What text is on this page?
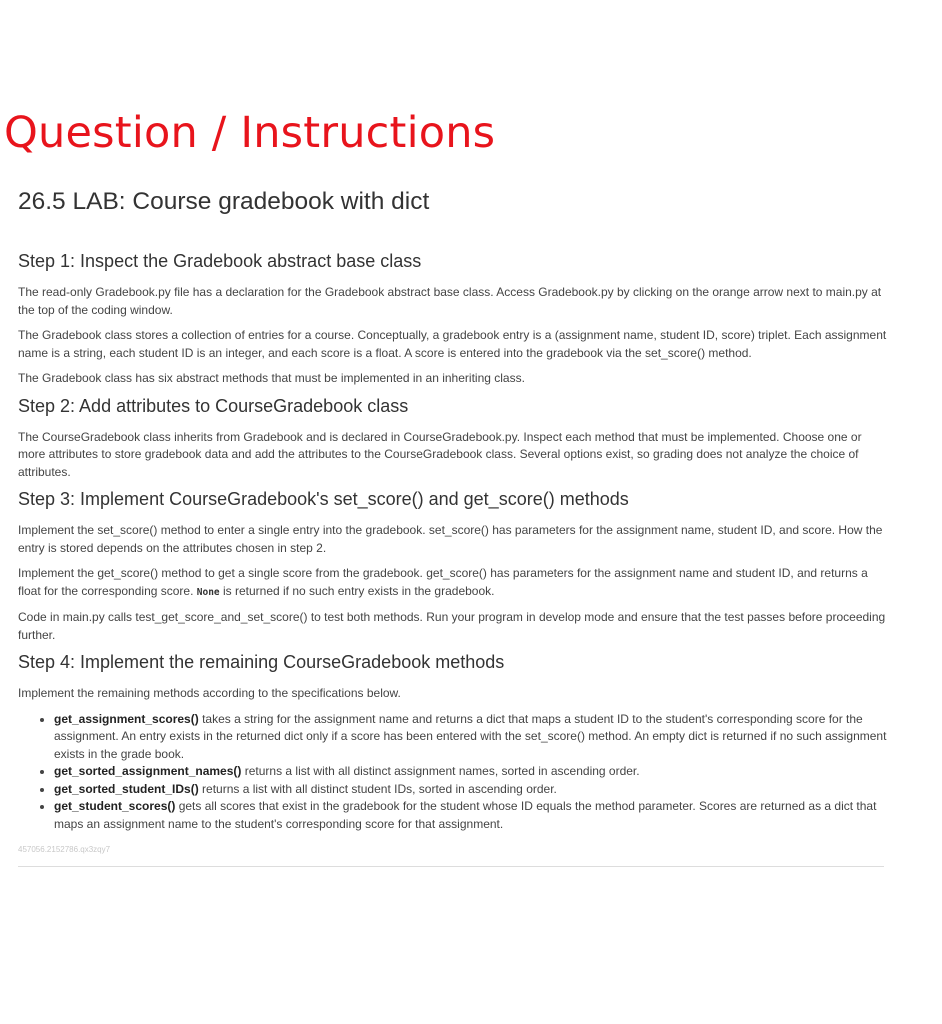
Question / Instructions
26.5 LAB: Course gradebook with dict
Step 1: Inspect the Gradebook abstract base class

The read-only Gradebook.py file has a declaration for the Gradebook abstract base class. Access Gradebook.py by clicking on the orange arrow next to main.py at the top of the coding window.

The Gradebook class stores a collection of entries for a course. Conceptually, a gradebook entry is a (assignment name, student ID, score) triplet. Each assignment name is a string, each student ID is an integer, and each score is a float. A score is entered into the gradebook via the set_score() method.

The Gradebook class has six abstract methods that must be implemented in an inheriting class.

Step 2: Add attributes to CourseGradebook class

The CourseGradebook class inherits from Gradebook and is declared in CourseGradebook.py. Inspect each method that must be implemented. Choose one or more attributes to store gradebook data and add the attributes to the CourseGradebook class. Several options exist, so grading does not analyze the choice of attributes.

Step 3: Implement CourseGradebook's set_score() and get_score() methods

Implement the set_score() method to enter a single entry into the gradebook. set_score() has parameters for the assignment name, student ID, and score. How the entry is stored depends on the attributes chosen in step 2.

Implement the get_score() method to get a single score from the gradebook. get_score() has parameters for the assignment name and student ID, and returns a float for the corresponding score. None is returned if no such entry exists in the gradebook.

Code in main.py calls test_get_score_and_set_score() to test both methods. Run your program in develop mode and ensure that the test passes before proceeding further.

Step 4: Implement the remaining CourseGradebook methods

Implement the remaining methods according to the specifications below.

• get_assignment_scores() takes a string for the assignment name and returns a dict that maps a student ID to the student's corresponding score for the assignment. An entry exists in the returned dict only if a score has been entered with the set_score() method. An empty dict is returned if no such assignment exists in the grade book.
• get_sorted_assignment_names() returns a list with all distinct assignment names, sorted in ascending order.
• get_sorted_student_IDs() returns a list with all distinct student IDs, sorted in ascending order.
• get_student_scores() gets all scores that exist in the gradebook for the student whose ID equals the method parameter. Scores are returned as a dict that maps an assignment name to the student's corresponding score for that assignment.
457056.2152786.qx3zqy7
